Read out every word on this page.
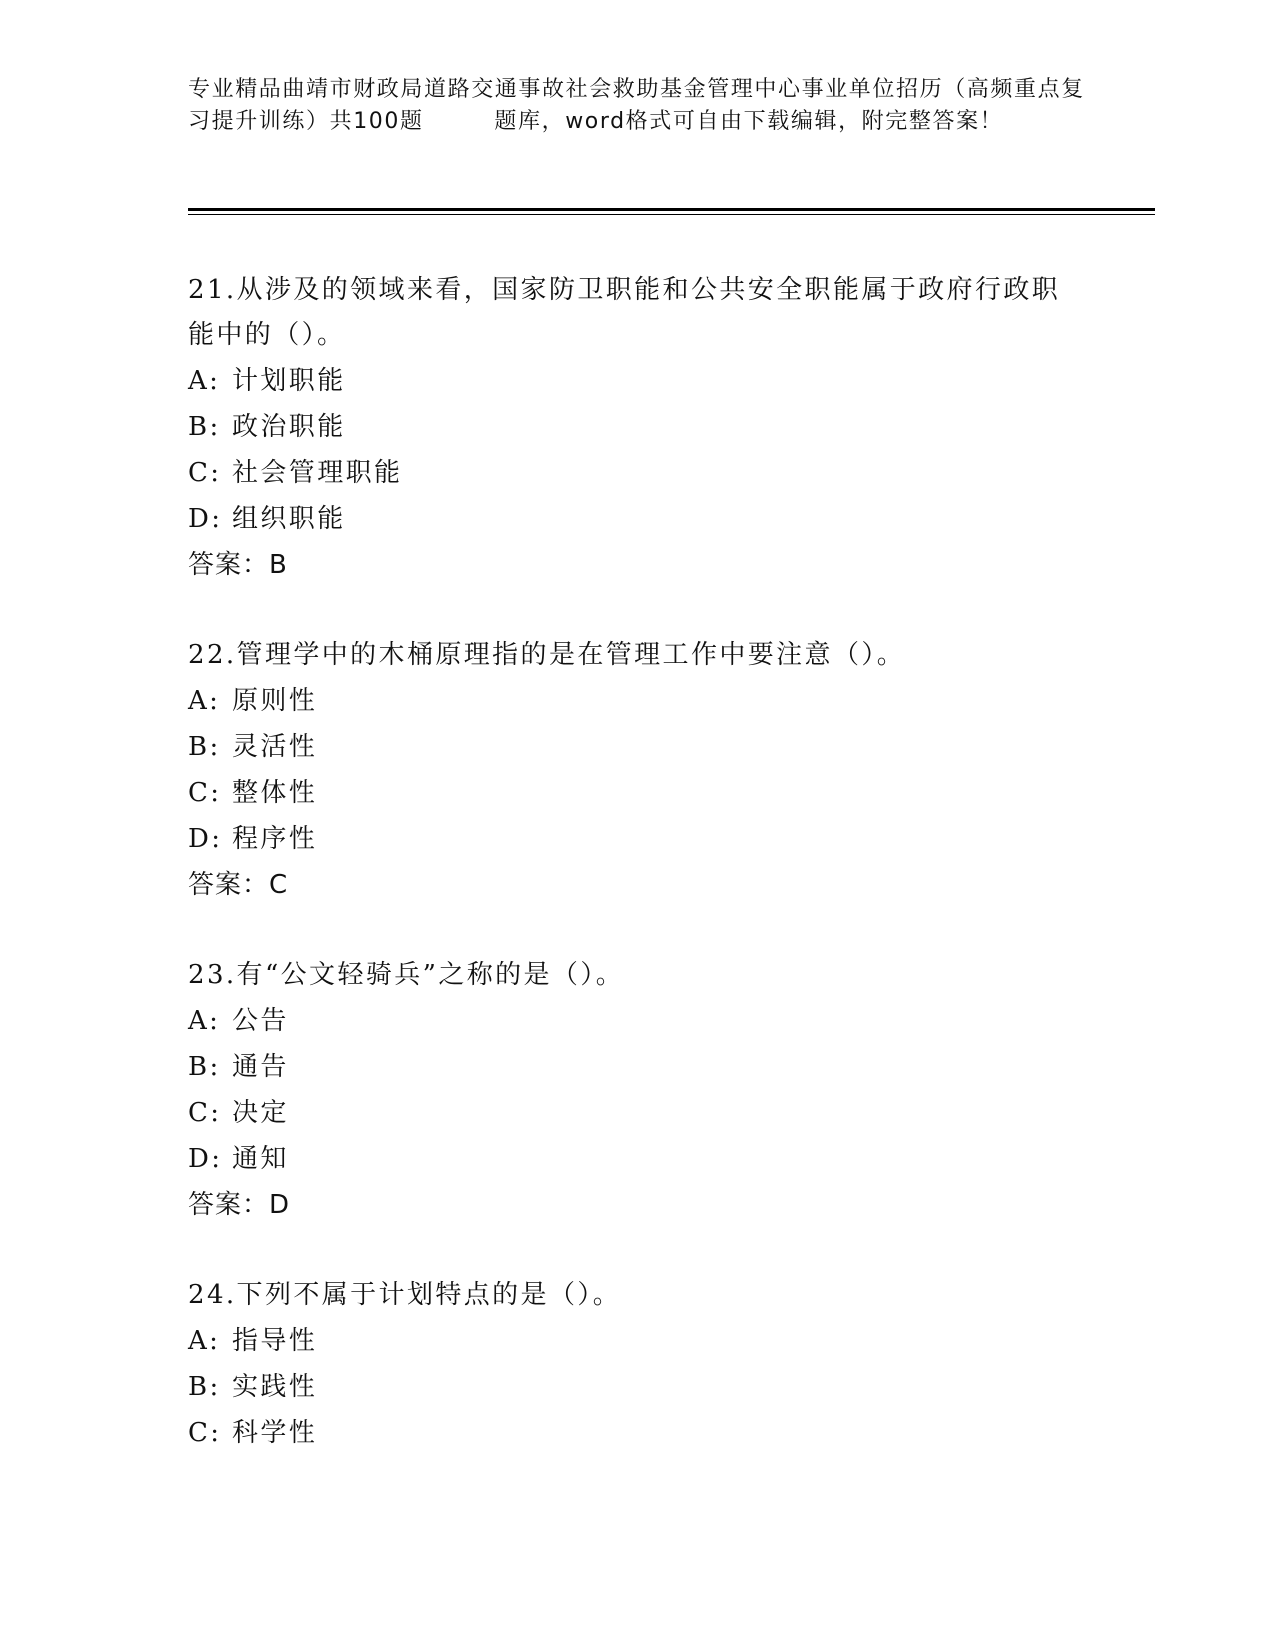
专业精品曲靖市财政局道路交通事故社会救助基金管理中心事业单位招历（高频重点复习提升训练）共100题　　　题库，word格式可自由下载编辑，附完整答案！

21.从涉及的领域来看，国家防卫职能和公共安全职能属于政府行政职能中的（）。

A: 计划职能

B: 政治职能

C: 社会管理职能

D: 组织职能

答案：B

22.管理学中的木桶原理指的是在管理工作中要注意（）。

A: 原则性

B: 灵活性

C: 整体性

D: 程序性

答案：C

23.有“公文轻骑兵”之称的是（）。

A: 公告

B: 通告

C: 决定

D: 通知

答案：D

24.下列不属于计划特点的是（）。

A: 指导性

B: 实践性

C: 科学性
